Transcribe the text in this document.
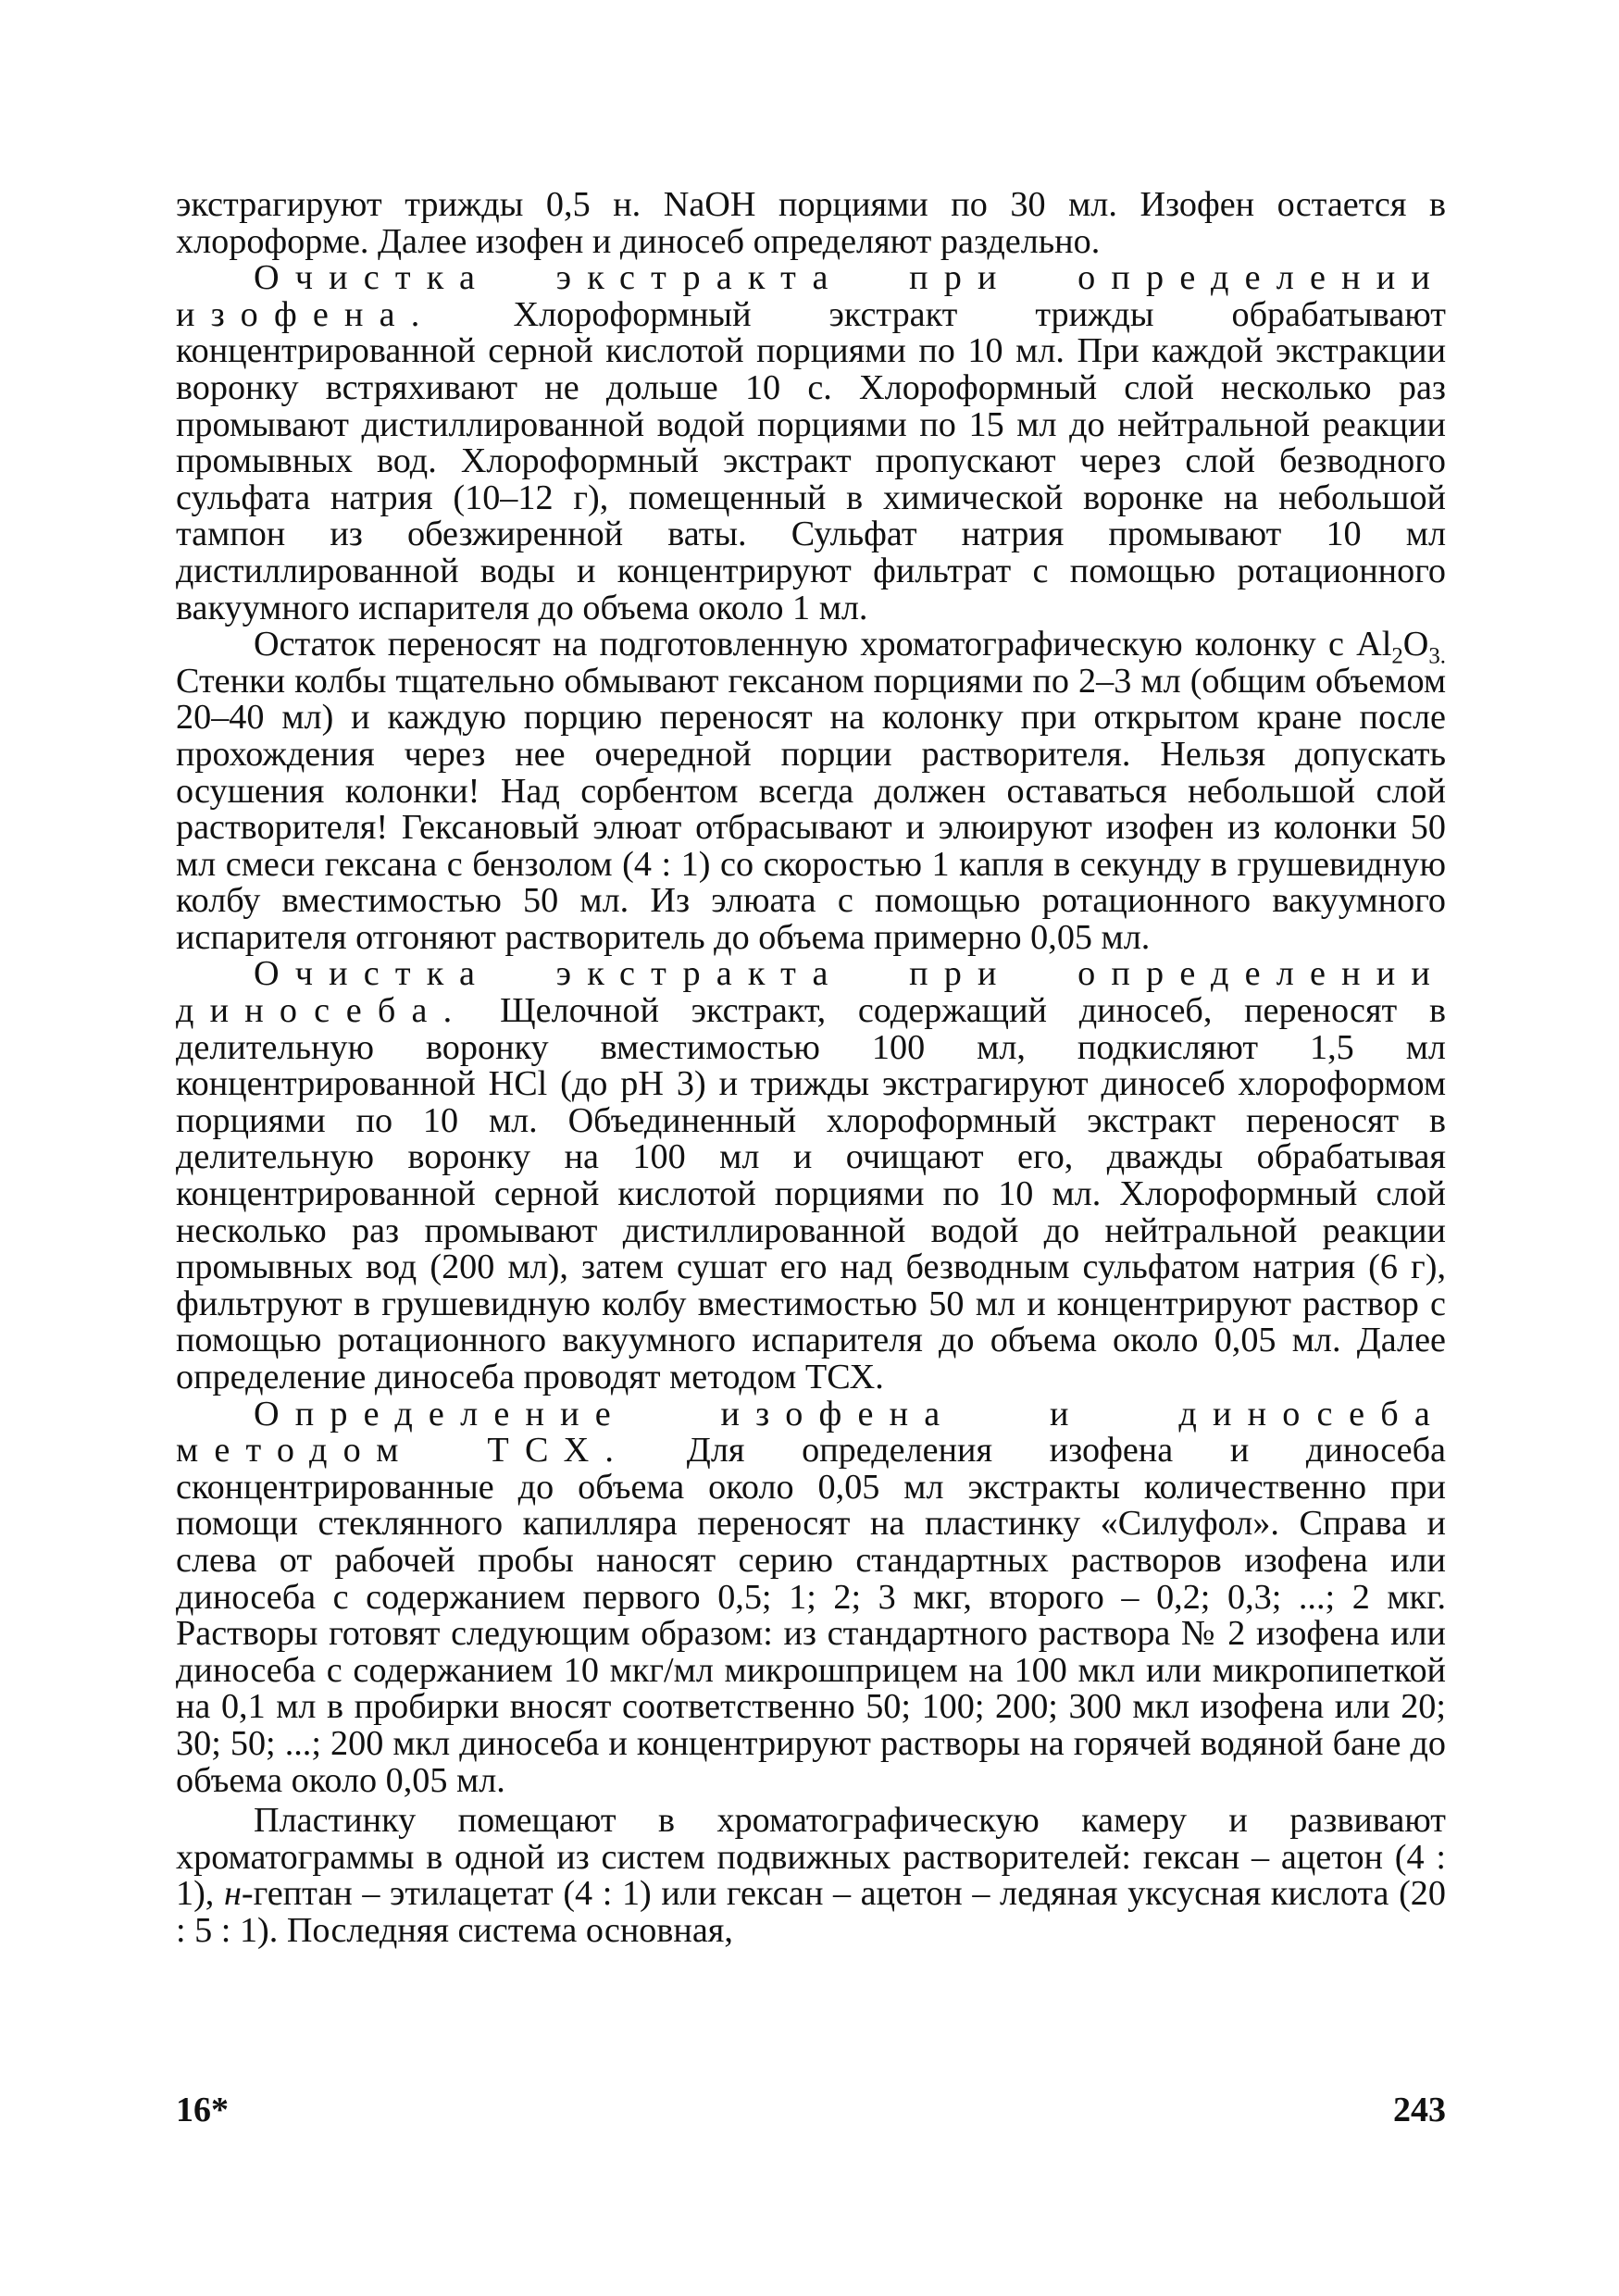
экстрагируют трижды 0,5 н. NaOH порциями по 30 мл. Изофен остается в хлороформе. Далее изофен и диносеб определяют раздельно.

Очистка экстракта при определении изофена. Хлороформный экстракт трижды обрабатывают концентрированной серной кислотой порциями по 10 мл. При каждой экстракции воронку встряхивают не дольше 10 с. Хлороформный слой несколько раз промывают дистиллированной водой порциями по 15 мл до нейтральной реакции промывных вод. Хлороформный экстракт пропускают через слой безводного сульфата натрия (10–12 г), помещенный в химической воронке на небольшой тампон из обезжиренной ваты. Сульфат натрия промывают 10 мл дистиллированной воды и концентрируют фильтрат с помощью ротационного вакуумного испарителя до объема около 1 мл.

Остаток переносят на подготовленную хроматографическую колонку с $Al_2O_{3.}$ Стенки колбы тщательно обмывают гексаном порциями по 2–3 мл (общим объемом 20–40 мл) и каждую порцию переносят на колонку при открытом кране после прохождения через нее очередной порции растворителя. Нельзя допускать осушения колонки! Над сорбентом всегда должен оставаться небольшой слой растворителя! Гексановый элюат отбрасывают и элюируют изофен из колонки 50 мл смеси гексана с бензолом (4 : 1) со скоростью 1 капля в секунду в грушевидную колбу вместимостью 50 мл. Из элюата с помощью ротационного вакуумного испарителя отгоняют растворитель до объема примерно 0,05 мл.

Очистка экстракта при определении диносеба. Щелочной экстракт, содержащий диносеб, переносят в делительную воронку вместимостью 100 мл, подкисляют 1,5 мл концентрированной HCl (до pH 3) и трижды экстрагируют диносеб хлороформом порциями по 10 мл. Объединенный хлороформный экстракт переносят в делительную воронку на 100 мл и очищают его, дважды обрабатывая концентрированной серной кислотой порциями по 10 мл. Хлороформный слой несколько раз промывают дистиллированной водой до нейтральной реакции промывных вод (200 мл), затем сушат его над безводным сульфатом натрия (6 г), фильтруют в грушевидную колбу вместимостью 50 мл и концентрируют раствор с помощью ротационного вакуумного испарителя до объема около 0,05 мл. Далее определение диносеба проводят методом ТСХ.

Определение изофена и диносеба методом ТСХ. Для определения изофена и диносеба сконцентрированные до объема около 0,05 мл экстракты количественно при помощи стеклянного капилляра переносят на пластинку «Силуфол». Справа и слева от рабочей пробы наносят серию стандартных растворов изофена или диносеба с содержанием первого 0,5; 1; 2; 3 мкг, второго – 0,2; 0,3; ...; 2 мкг. Растворы готовят следующим образом: из стандартного раствора № 2 изофена или диносеба с содержанием 10 мкг/мл микрошприцем на 100 мкл или микропипеткой на 0,1 мл в пробирки вносят соответственно 50; 100; 200; 300 мкл изофена или 20; 30; 50; ...; 200 мкл диносеба и концентрируют растворы на горячей водяной бане до объема около 0,05 мл.

Пластинку помещают в хроматографическую камеру и развивают хроматограммы в одной из систем подвижных растворителей: гексан – ацетон (4 : 1), н-гептан – этилацетат (4 : 1) или гексан – ацетон – ледяная уксусная кислота (20 : 5 : 1). Последняя система основная,

16*	243
